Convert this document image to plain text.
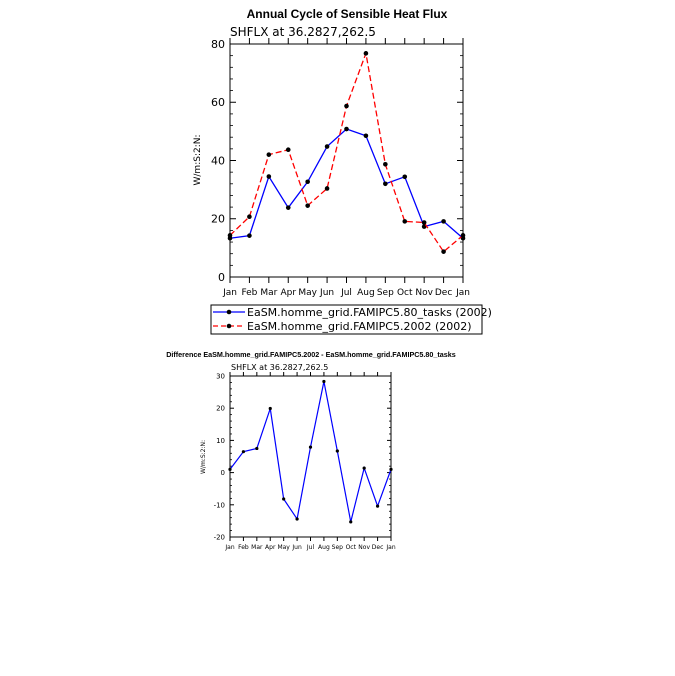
Annual Cycle of Sensible Heat Flux
SHFLX at 36.2827,262.5
W/m:S:2:N:
0
20
40
60
80
Jan Feb Mar Apr May Jun Jul Aug Sep Oct Nov Dec Jan
EaSM.homme_grid.FAMIPC5.80_tasks (2002)
EaSM.homme_grid.FAMIPC5.2002 (2002)
Difference EaSM.homme_grid.FAMIPC5.2002 - EaSM.homme_grid.FAMIPC5.80_tasks
SHFLX at 36.2827,262.5
W/m:S:2:N:
-20
-10
0
10
20
30
Jan Feb Mar Apr May Jun Jul Aug Sep Oct Nov Dec Jan
